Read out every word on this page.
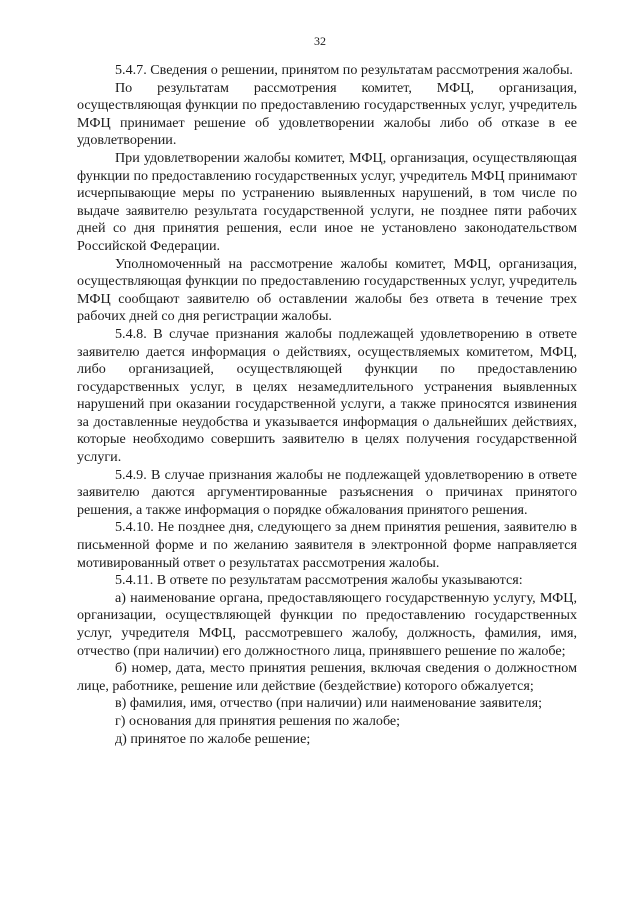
32

5.4.7. Сведения о решении, принятом по результатам рассмотрения жалобы.

По результатам рассмотрения комитет, МФЦ, организация, осуществляющая функции по предоставлению государственных услуг, учредитель МФЦ принимает решение об удовлетворении жалобы либо об отказе в ее удовлетворении.

При удовлетворении жалобы комитет, МФЦ, организация, осуществляющая функции по предоставлению государственных услуг, учредитель МФЦ принимают исчерпывающие меры по устранению выявленных нарушений, в том числе по выдаче заявителю результата государственной услуги, не позднее пяти рабочих дней со дня принятия решения, если иное не установлено законодательством Российской Федерации.

Уполномоченный на рассмотрение жалобы комитет, МФЦ, организация, осуществляющая функции по предоставлению государственных услуг, учредитель МФЦ сообщают заявителю об оставлении жалобы без ответа в течение трех рабочих дней со дня регистрации жалобы.

5.4.8. В случае признания жалобы подлежащей удовлетворению в ответе заявителю дается информация о действиях, осуществляемых комитетом, МФЦ, либо организацией, осуществляющей функции по предоставлению государственных услуг, в целях незамедлительного устранения выявленных нарушений при оказании государственной услуги, а также приносятся извинения за доставленные неудобства и указывается информация о дальнейших действиях, которые необходимо совершить заявителю в целях получения государственной услуги.

5.4.9. В случае признания жалобы не подлежащей удовлетворению в ответе заявителю даются аргументированные разъяснения о причинах принятого решения, а также информация о порядке обжалования принятого решения.

5.4.10. Не позднее дня, следующего за днем принятия решения, заявителю в письменной форме и по желанию заявителя в электронной форме направляется мотивированный ответ о результатах рассмотрения жалобы.

5.4.11. В ответе по результатам рассмотрения жалобы указываются:

а) наименование органа, предоставляющего государственную услугу, МФЦ, организации, осуществляющей функции по предоставлению государственных услуг, учредителя МФЦ, рассмотревшего жалобу, должность, фамилия, имя, отчество (при наличии) его должностного лица, принявшего решение по жалобе;

б) номер, дата, место принятия решения, включая сведения о должностном лице, работнике, решение или действие (бездействие) которого обжалуется;

в) фамилия, имя, отчество (при наличии) или наименование заявителя;

г) основания для принятия решения по жалобе;

д) принятое по жалобе решение;
